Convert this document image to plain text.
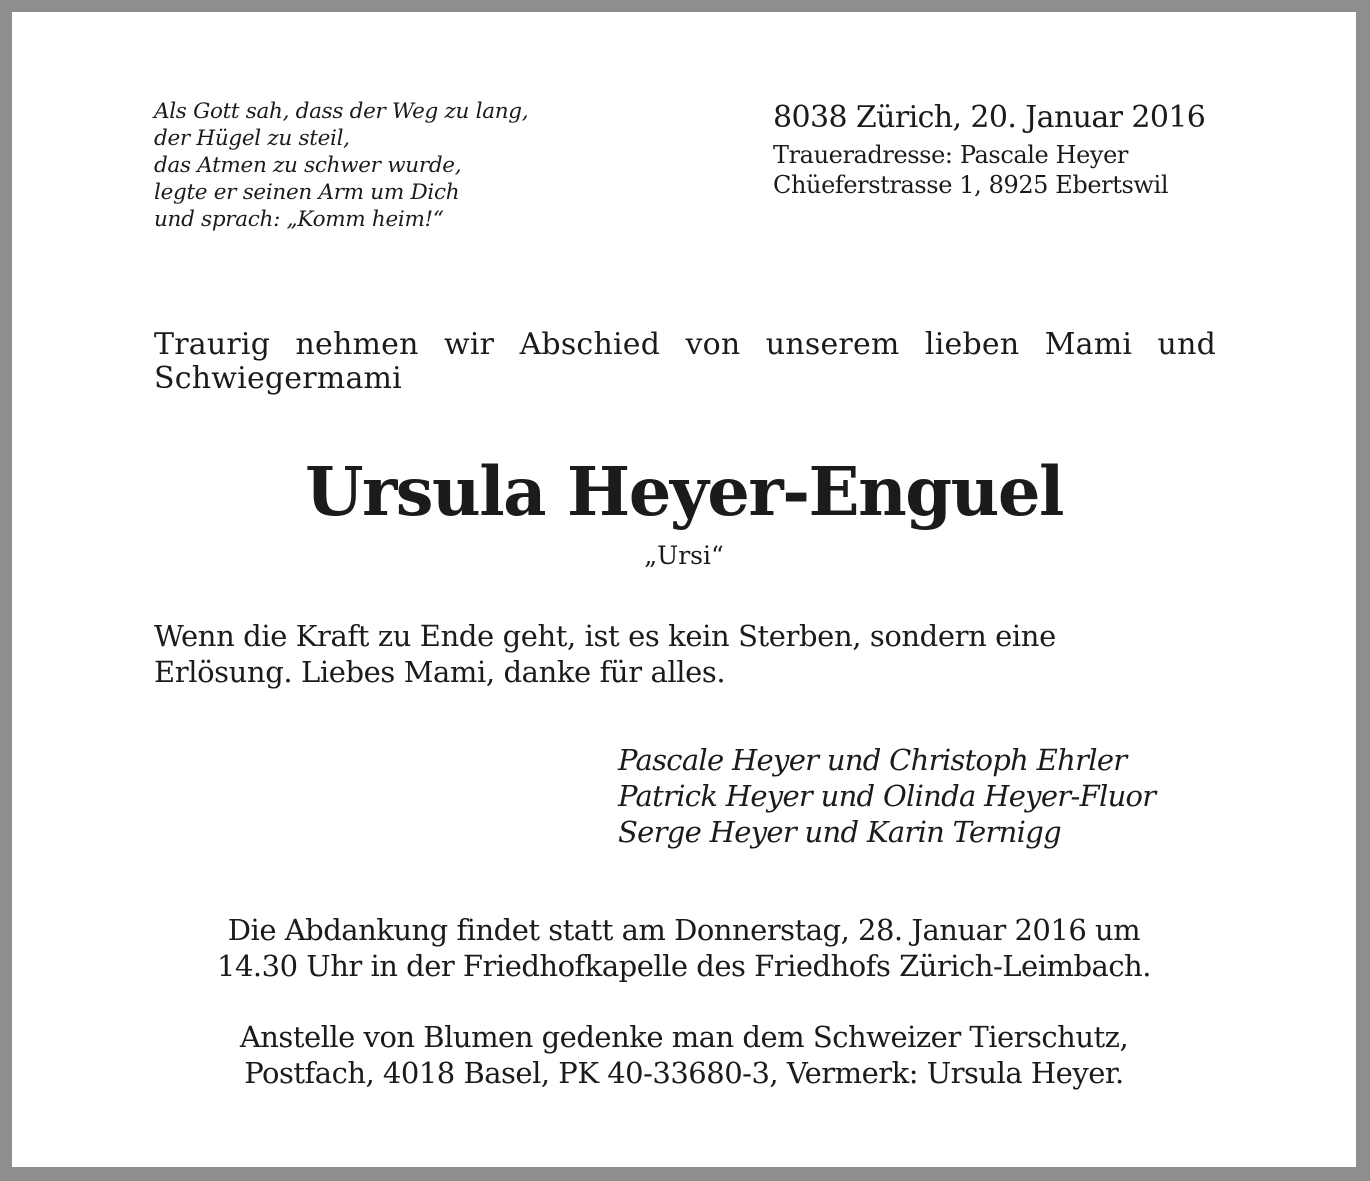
Als Gott sah, dass der Weg zu lang,
der Hügel zu steil,
das Atmen zu schwer wurde,
legte er seinen Arm um Dich
und sprach: „Komm heim!“
8038 Zürich, 20. Januar 2016
Traueradresse: Pascale Heyer
Chüeferstrasse 1, 8925 Ebertswil
Traurig nehmen wir Abschied von unserem lieben Mami und
Schwiegermami
Ursula Heyer-Enguel
„Ursi“
Wenn die Kraft zu Ende geht, ist es kein Sterben, sondern eine
Erlösung. Liebes Mami, danke für alles.
Pascale Heyer und Christoph Ehrler
Patrick Heyer und Olinda Heyer-Fluor
Serge Heyer und Karin Ternigg
Die Abdankung findet statt am Donnerstag, 28. Januar 2016 um
14.30 Uhr in der Friedhofkapelle des Friedhofs Zürich-Leimbach.
Anstelle von Blumen gedenke man dem Schweizer Tierschutz,
Postfach, 4018 Basel, PK 40-33680-3, Vermerk: Ursula Heyer.
